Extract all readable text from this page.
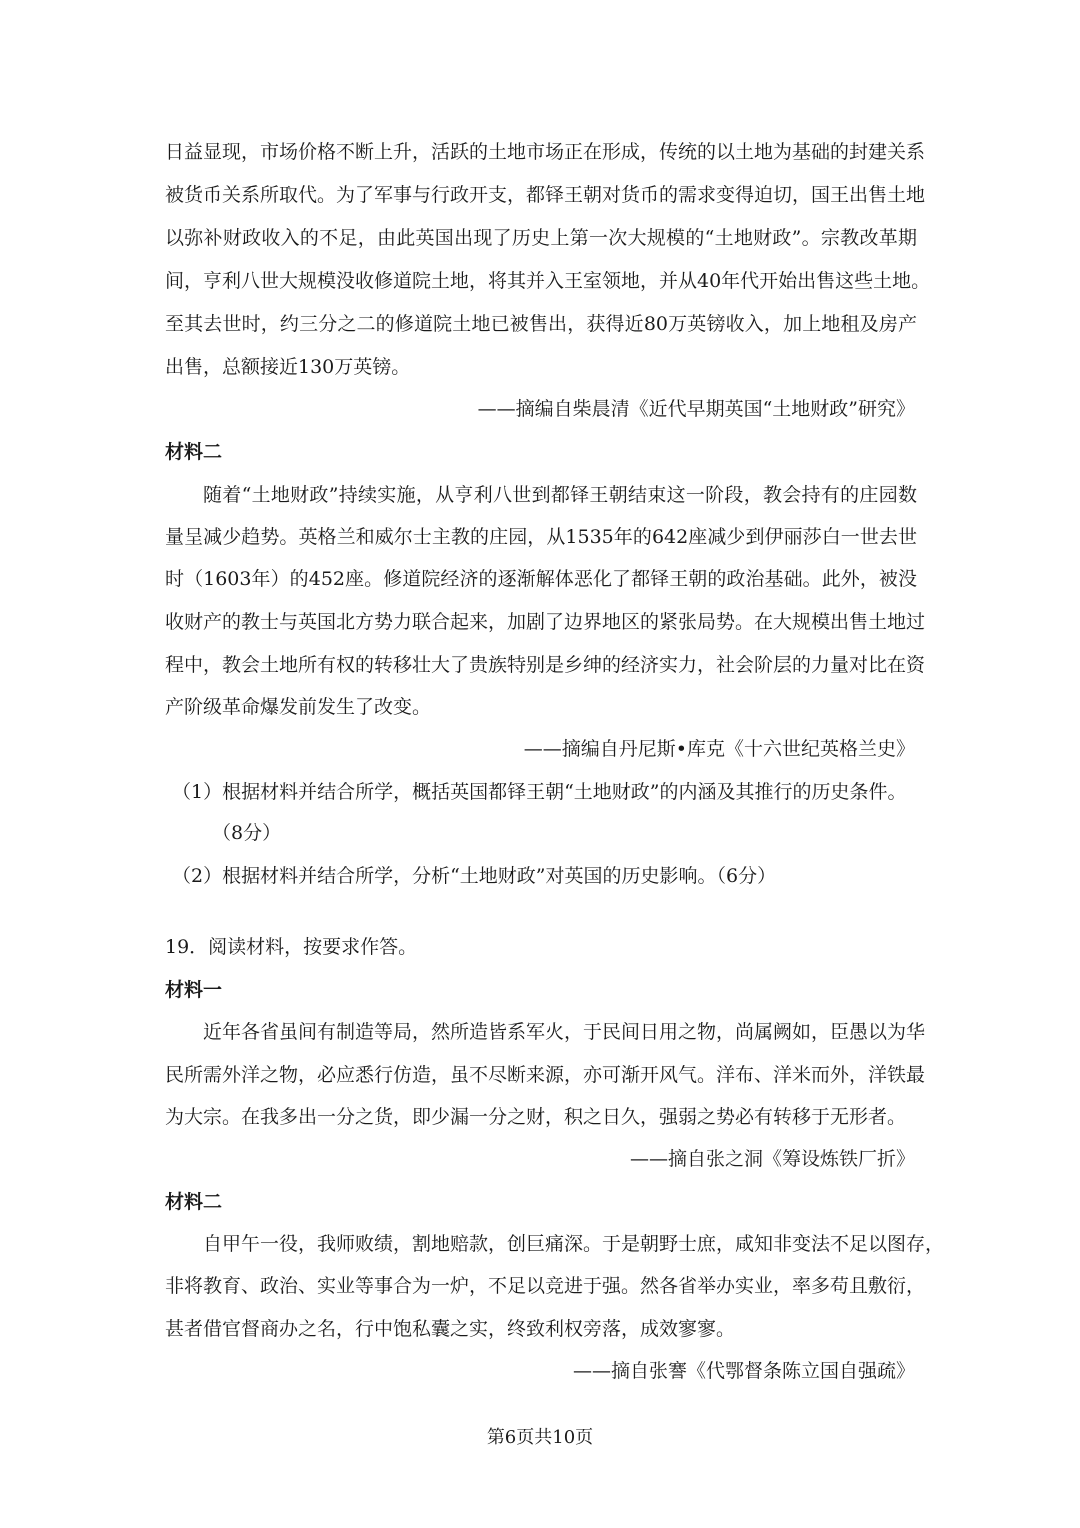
日益显现，市场价格不断上升，活跃的土地市场正在形成，传统的以土地为基础的封建关系
被货币关系所取代。为了军事与行政开支，都铎王朝对货币的需求变得迫切，国王出售土地
以弥补财政收入的不足，由此英国出现了历史上第一次大规模的“土地财政”。宗教改革期
间，亨利八世大规模没收修道院土地，将其并入王室领地，并从40年代开始出售这些土地。
至其去世时，约三分之二的修道院土地已被售出，获得近80万英镑收入，加上地租及房产
出售，总额接近130万英镑。
——摘编自柴晨清《近代早期英国“土地财政”研究》
材料二
随着“土地财政”持续实施，从亨利八世到都铎王朝结束这一阶段，教会持有的庄园数
量呈减少趋势。英格兰和威尔士主教的庄园，从1535年的642座减少到伊丽莎白一世去世
时（1603年）的452座。修道院经济的逐渐解体恶化了都铎王朝的政治基础。此外，被没
收财产的教士与英国北方势力联合起来，加剧了边界地区的紧张局势。在大规模出售土地过
程中，教会土地所有权的转移壮大了贵族特别是乡绅的经济实力，社会阶层的力量对比在资
产阶级革命爆发前发生了改变。
——摘编自丹尼斯•库克《十六世纪英格兰史》
（1）根据材料并结合所学，概括英国都铎王朝“土地财政”的内涵及其推行的历史条件。
（8分）
（2）根据材料并结合所学，分析“土地财政”对英国的历史影响。（6分）
19．阅读材料，按要求作答。
材料一
近年各省虽间有制造等局，然所造皆系军火，于民间日用之物，尚属阙如，臣愚以为华
民所需外洋之物，必应悉行仿造，虽不尽断来源，亦可渐开风气。洋布、洋米而外，洋铁最
为大宗。在我多出一分之货，即少漏一分之财，积之日久，强弱之势必有转移于无形者。
——摘自张之洞《筹设炼铁厂折》
材料二
自甲午一役，我师败绩，割地赔款，创巨痛深。于是朝野士庶，咸知非变法不足以图存，
非将教育、政治、实业等事合为一炉，不足以竞进于强。然各省举办实业，率多苟且敷衍，
甚者借官督商办之名，行中饱私囊之实，终致利权旁落，成效寥寥。
——摘自张謇《代鄂督条陈立国自强疏》
第6页共10页
